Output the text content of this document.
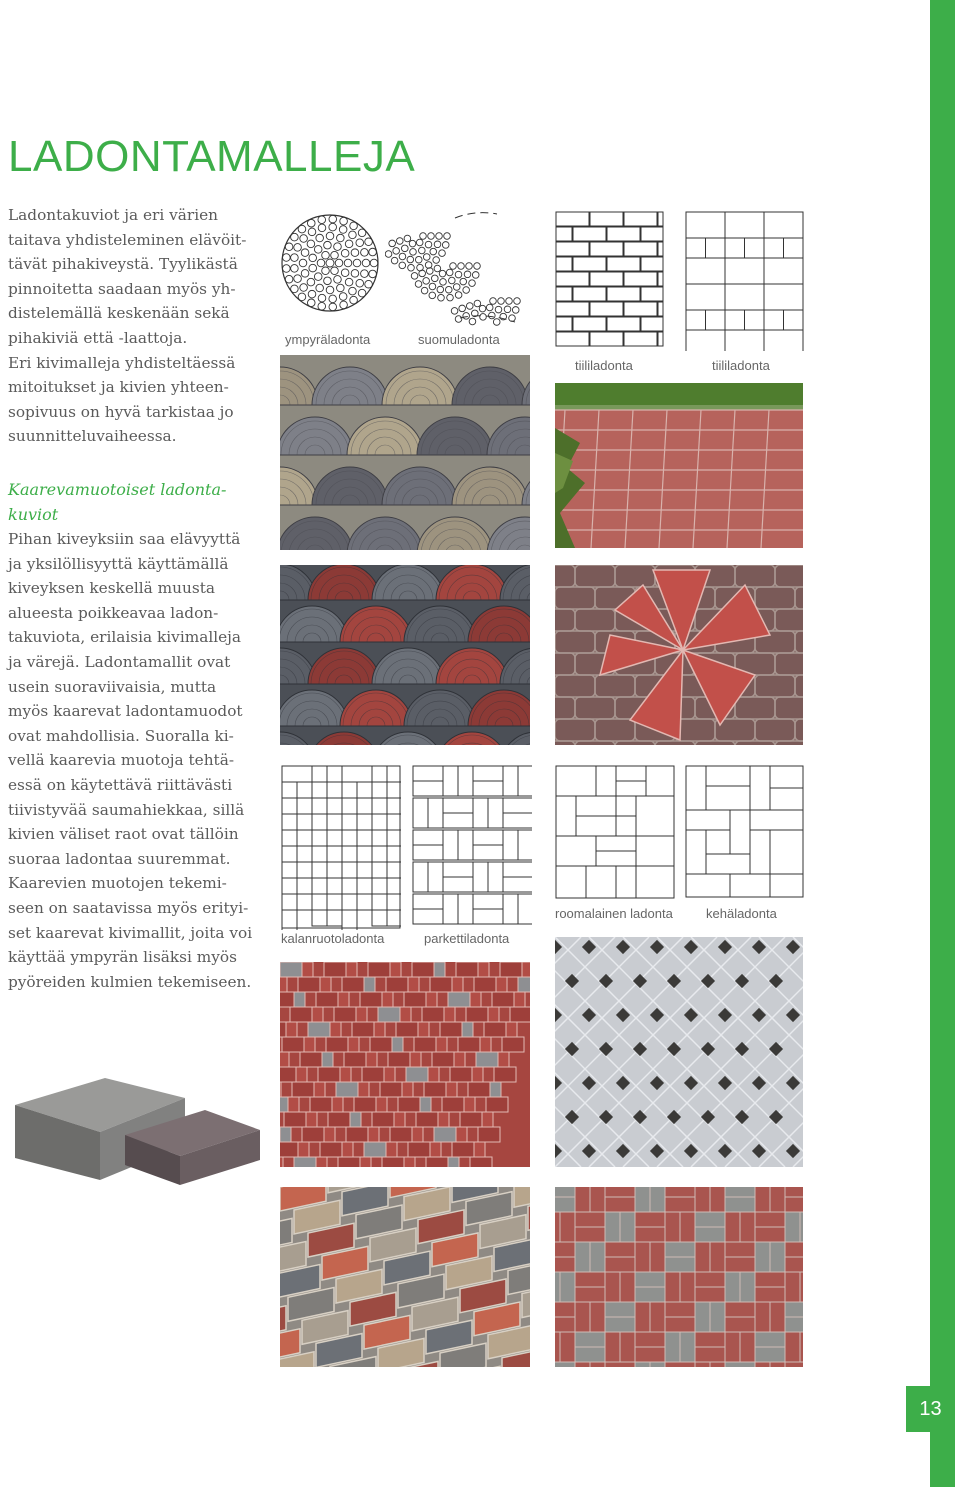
13
LADONTAMALLEJA

Ladontakuviot ja eri värien
taitava yhdisteleminen elävöit-
tävät pihakiveystä. Tyylikästä
pinnoitetta saadaan myös yh-
distelemällä keskenään sekä
pihakiviä että -laattoja.
Eri kivimalleja yhdisteltäessä
mitoitukset ja kivien yhteen-
sopivuus on hyvä tarkistaa jo
suunnitteluvaiheessa.

Kaarevamuotoiset ladonta-
kuviot

Pihan kiveyksiin saa elävyyttä
ja yksilöllisyyttä käyttämällä
kiveyksen keskellä muusta
alueesta poikkeavaa ladon-
takuviota, erilaisia kivimalleja
ja värejä. Ladontamallit ovat
usein suoraviivaisia, mutta
myös kaarevat ladontamuodot
ovat mahdollisia. Suoralla ki-
vellä kaarevia muotoja tehtä-
essä on käytettävä riittävästi
tiivistyvää saumahiekkaa, sillä
kivien väliset raot ovat tällöin
suoraa ladontaa suuremmat.
Kaarevien muotojen tekemi-
seen on saatavissa myös erityi-
set kaarevat kivimallit, joita voi
käyttää ympyrän lisäksi myös
pyöreiden kulmien tekemiseen.

ympyräladonta	suomuladonta
tiililadonta	tiililadonta
kalanruotoladonta	parkettiladonta
roomalainen ladonta	kehäladonta
